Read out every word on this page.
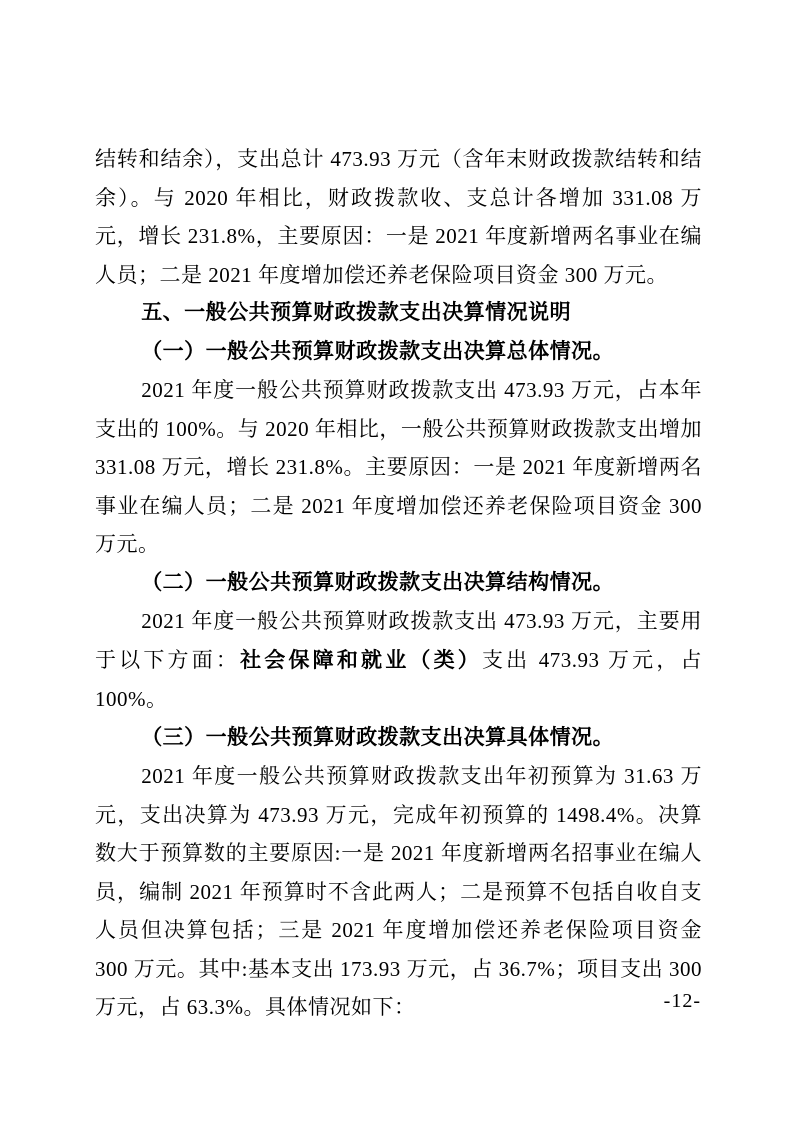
结转和结余），支出总计 473.93 万元（含年末财政拨款结转和结余）。与 2020 年相比，财政拨款收、支总计各增加 331.08 万元，增长 231.8%，主要原因：一是 2021 年度新增两名事业在编人员；二是 2021 年度增加偿还养老保险项目资金 300 万元。

五、一般公共预算财政拨款支出决算情况说明
（一）一般公共预算财政拨款支出决算总体情况。

2021 年度一般公共预算财政拨款支出 473.93 万元，占本年支出的 100%。与 2020 年相比，一般公共预算财政拨款支出增加 331.08 万元，增长 231.8%。主要原因：一是 2021 年度新增两名事业在编人员；二是 2021 年度增加偿还养老保险项目资金 300 万元。

（二）一般公共预算财政拨款支出决算结构情况。

2021 年度一般公共预算财政拨款支出 473.93 万元，主要用于以下方面：社会保障和就业（类）支出 473.93 万元，占 100%。

（三）一般公共预算财政拨款支出决算具体情况。

2021 年度一般公共预算财政拨款支出年初预算为 31.63 万元，支出决算为 473.93 万元，完成年初预算的 1498.4%。决算数大于预算数的主要原因:一是 2021 年度新增两名招事业在编人员，编制 2021 年预算时不含此两人；二是预算不包括自收自支人员但决算包括；三是 2021 年度增加偿还养老保险项目资金 300 万元。其中:基本支出 173.93 万元，占 36.7%；项目支出 300 万元，占 63.3%。具体情况如下：	-12-
